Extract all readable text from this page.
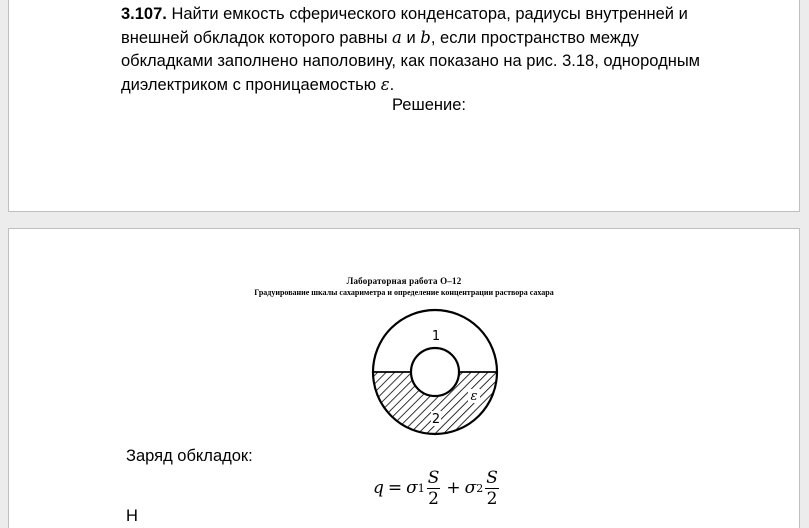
3.107. Найти емкость сферического конденсатора, радиусы внутренней и
внешней обкладок которого равны a и b, если пространство между
обкладками заполнено наполовину, как показано на рис. 3.18, однородным
диэлектриком с проницаемостью ε.

Решение:
Лабораторная работа О–12
Градуирование шкалы сахариметра и определение концентрации раствора сахара
1
2
ε
Заряд обкладок:
q = σ $1 \frac{S}{2} + \sigma$ $2 \frac{S}{2}$
Н
